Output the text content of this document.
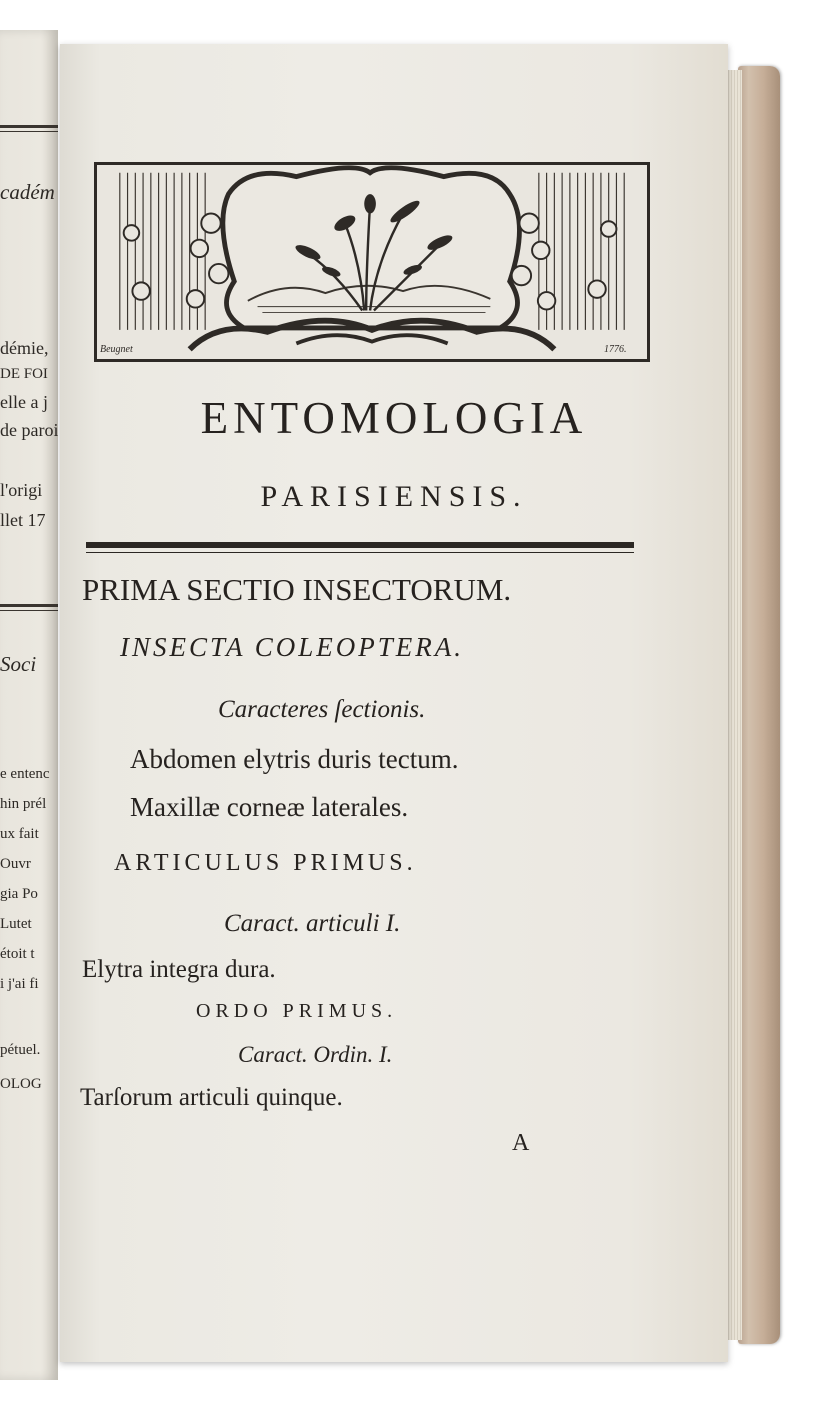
cadém
démie,
DE FOI
elle a j
de paroi
l'origi
llet 17
Soci
e entenc
hin prél
ux fait
Ouvr
gia Po
Lutet
étoit t
i j'ai fi
pétuel.
OLOG
Beugnet	1776.
ENTOMOLOGIA
PARISIENSIS.
PRIMA SECTIO INSECTORUM.
INSECTA COLEOPTERA.
Caracteres ſectionis.
Abdomen elytris duris tectum.
Maxillæ corneæ laterales.
ARTICULUS PRIMUS.
Caract. articuli I.
Elytra integra dura.
ORDO PRIMUS.
Caract. Ordin. I.
Tarſorum articuli quinque.
A
